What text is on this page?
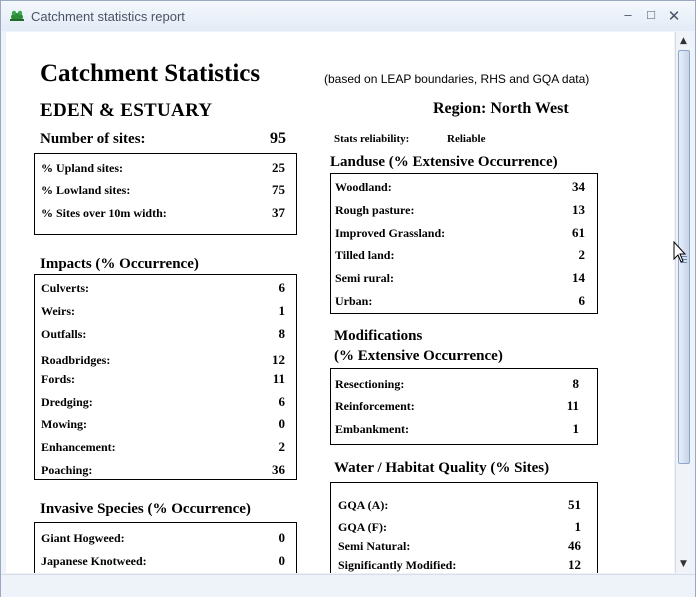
Catchment statistics report	–	□ ✕
Catchment Statistics	(based on LEAP boundaries, RHS and GQA data)
EDEN & ESTUARY	Region: North West
Number of sites:	95	Stats reliability:	Reliable
% Upland sites:	25
% Lowland sites:	75
% Sites over 10m width:	37
Impacts (% Occurrence)
Culverts:	6
Weirs:	1
Outfalls:	8
Roadbridges:	12
Fords:	11
Dredging:	6
Mowing:	0
Enhancement:	2
Poaching:	36
Invasive Species (% Occurrence)
Giant Hogweed:	0
Japanese Knotweed:	0
Landuse (% Extensive Occurrence)
Woodland:	34
Rough pasture:	13
Improved Grassland:	61
Tilled land:	2
Semi rural:	14
Urban:	6
Modifications
(% Extensive Occurrence)
Resectioning:	8
Reinforcement:	11
Embankment:	1
Water / Habitat Quality (% Sites)
GQA (A):	51
GQA (F):	1
Semi Natural:	46
Significantly Modified:	12
▲
▼
